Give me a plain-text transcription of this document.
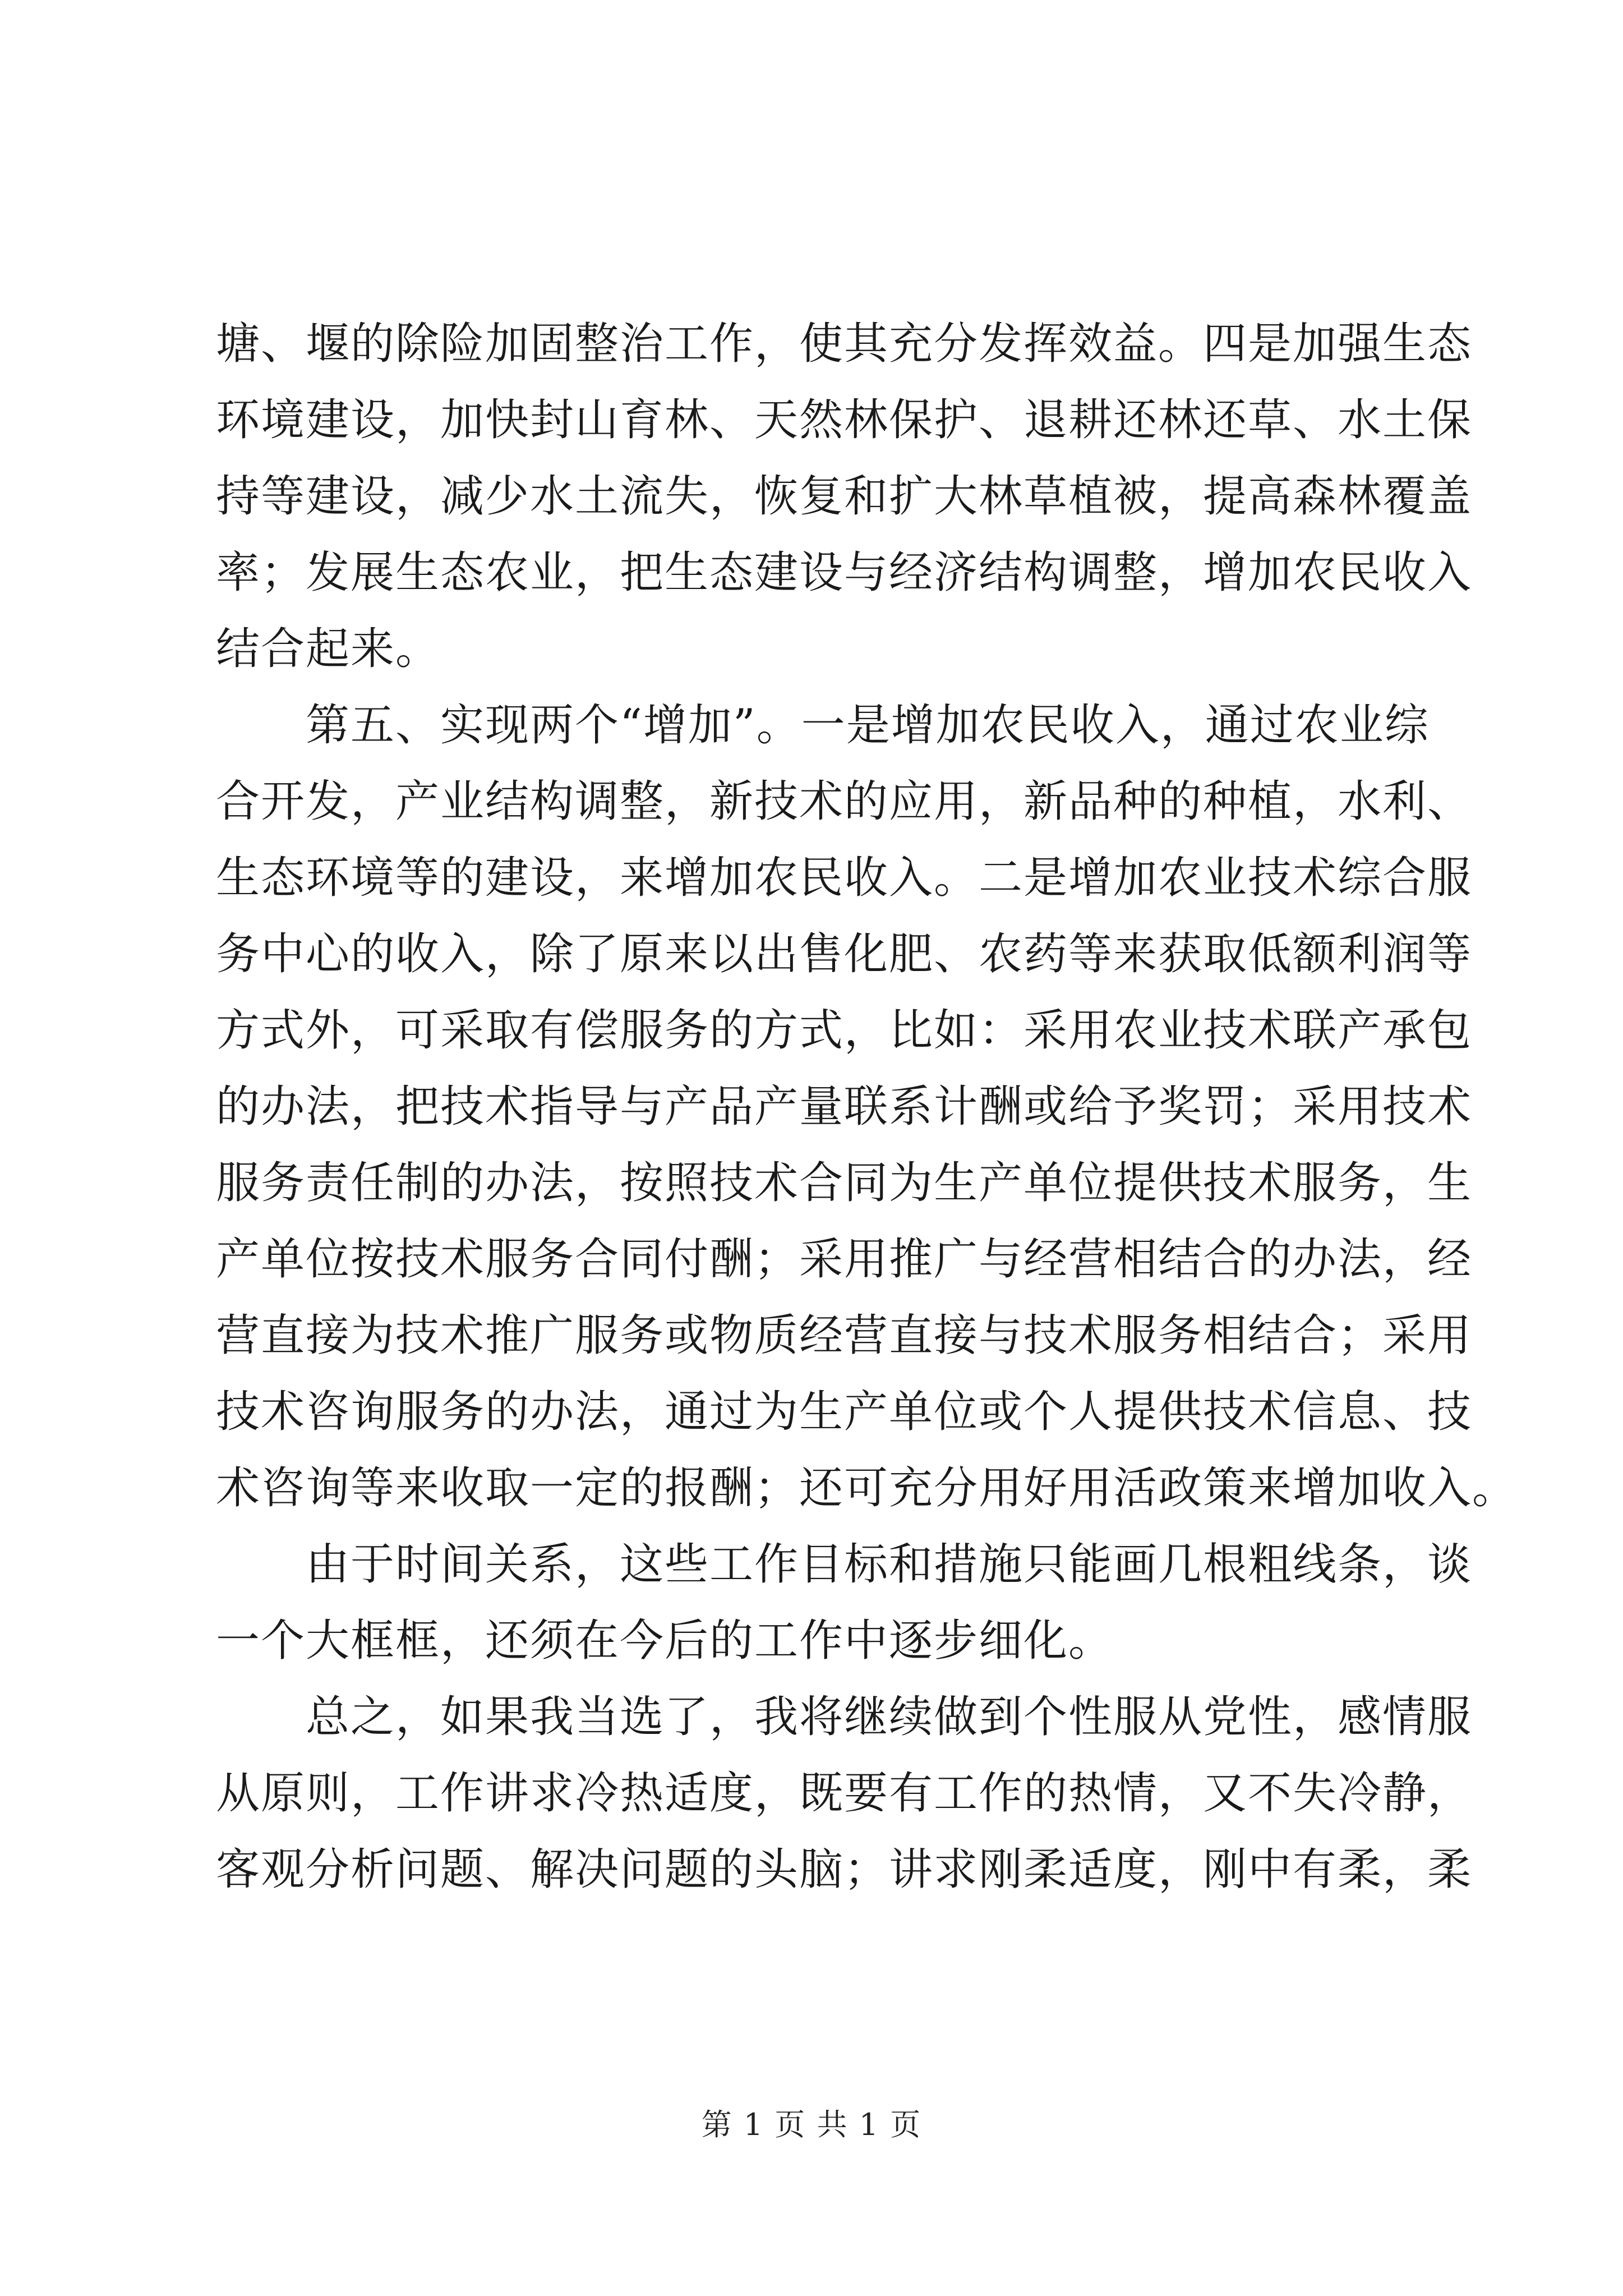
塘、堰的除险加固整治工作，使其充分发挥效益。四是加强生态
环境建设，加快封山育林、天然林保护、退耕还林还草、水土保
持等建设，减少水土流失，恢复和扩大林草植被，提高森林覆盖
率；发展生态农业，把生态建设与经济结构调整，增加农民收入
结合起来。
　　第五、实现两个“增加”。一是增加农民收入，通过农业综
合开发，产业结构调整，新技术的应用，新品种的种植，水利、
生态环境等的建设，来增加农民收入。二是增加农业技术综合服
务中心的收入，除了原来以出售化肥、农药等来获取低额利润等
方式外，可采取有偿服务的方式，比如：采用农业技术联产承包
的办法，把技术指导与产品产量联系计酬或给予奖罚；采用技术
服务责任制的办法，按照技术合同为生产单位提供技术服务，生
产单位按技术服务合同付酬；采用推广与经营相结合的办法，经
营直接为技术推广服务或物质经营直接与技术服务相结合；采用
技术咨询服务的办法，通过为生产单位或个人提供技术信息、技
术咨询等来收取一定的报酬；还可充分用好用活政策来增加收入。
　　由于时间关系，这些工作目标和措施只能画几根粗线条，谈
一个大框框，还须在今后的工作中逐步细化。
　　总之，如果我当选了，我将继续做到个性服从党性，感情服
从原则，工作讲求冷热适度，既要有工作的热情，又不失冷静，
客观分析问题、解决问题的头脑；讲求刚柔适度，刚中有柔，柔
第 1 页 共 1 页
